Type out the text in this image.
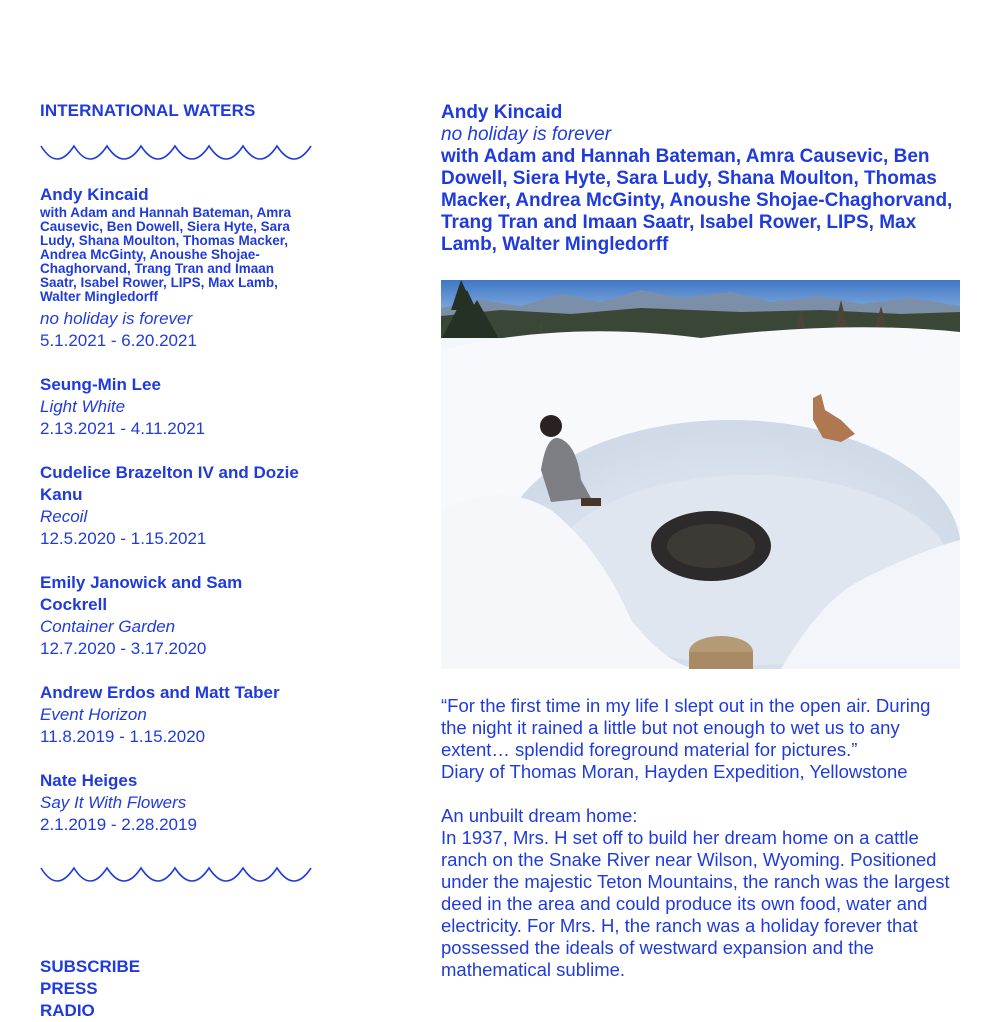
INTERNATIONAL WATERS
Andy Kincaid
with Adam and Hannah Bateman, Amra Causevic, Ben Dowell, Siera Hyte, Sara Ludy, Shana Moulton, Thomas Macker, Andrea McGinty, Anoushe Shojae-Chaghorvand, Trang Tran and Imaan Saatr, Isabel Rower, LIPS, Max Lamb, Walter Mingledorff
no holiday is forever
5.1.2021 - 6.20.2021
Seung-Min Lee
Light White
2.13.2021 - 4.11.2021
Cudelice Brazelton IV and Dozie Kanu
Recoil
12.5.2020 - 1.15.2021
Emily Janowick and Sam Cockrell
Container Garden
12.7.2020 - 3.17.2020
Andrew Erdos and Matt Taber
Event Horizon
11.8.2019 - 1.15.2020
Nate Heiges
Say It With Flowers
2.1.2019 - 2.28.2019
SUBSCRIBE
PRESS
RADIO
Andy Kincaid
no holiday is forever
with Adam and Hannah Bateman, Amra Causevic, Ben Dowell, Siera Hyte, Sara Ludy, Shana Moulton, Thomas Macker, Andrea McGinty, Anoushe Shojae-Chaghorvand, Trang Tran and Imaan Saatr, Isabel Rower, LIPS, Max Lamb, Walter Mingledorff

“For the first time in my life I slept out in the open air. During the night it rained a little but not enough to wet us to any extent… splendid foreground material for pictures.”

Diary of Thomas Moran, Hayden Expedition, Yellowstone

An unbuilt dream home:

In 1937, Mrs. H set off to build her dream home on a cattle ranch on the Snake River near Wilson, Wyoming. Positioned under the majestic Teton Mountains, the ranch was the largest deed in the area and could produce its own food, water and electricity. For Mrs. H, the ranch was a holiday forever that possessed the ideals of westward expansion and the mathematical sublime.
